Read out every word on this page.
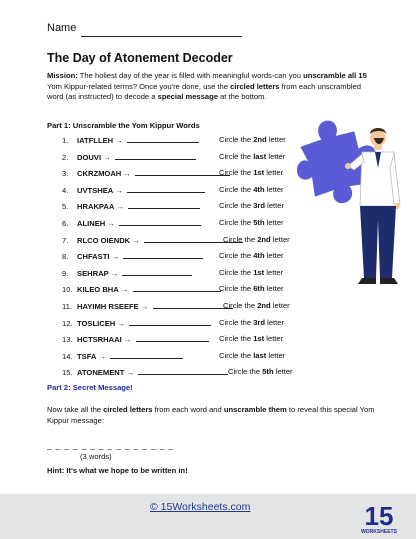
Name
The Day of Atonement Decoder
Mission: The holiest day of the year is filled with meaningful words-can you unscramble all 15 Yom Kippur-related terms? Once you're done, use the circled letters from each unscrambled word (as instructed) to decode a special message at the bottom.
Part 1: Unscramble the Yom Kippur Words
1. IATFLLEH →	Circle the 2nd letter
2. DOUVI →	Circle the last letter
3. CKRZMOAH →	Circle the 1st letter
4. UVTSHEA →	Circle the 4th letter
5. HRAKPAA →	Circle the 3rd letter
6. ALINEH →	Circle the 5th letter
7. RLCO OIENDK →	Circle the 2nd letter
8. CHFASTI →	Circle the 4th letter
9. SEHRAP →	Circle the 1st letter
10. KILEO BHA →	Circle the 6th letter
11. HAYIMH RSEEFE →	Circle the 2nd letter
12. TOSLICEH →	Circle the 3rd letter
13. HCTSRHAAI →	Circle the 1st letter
14. TSFA →	Circle the last letter
15. ATONEMENT →	Circle the 5th letter
Part 2: Secret Message!
Now take all the circled letters from each word and unscramble them to reveal this special Yom Kippur message:
_ _ _ _ _ _ _ _ _ _ _ _ _ _ _
(3 words)
Hint: It's what we hope to be written in!
© 15Worksheets.com	15
WORKSHEETS
